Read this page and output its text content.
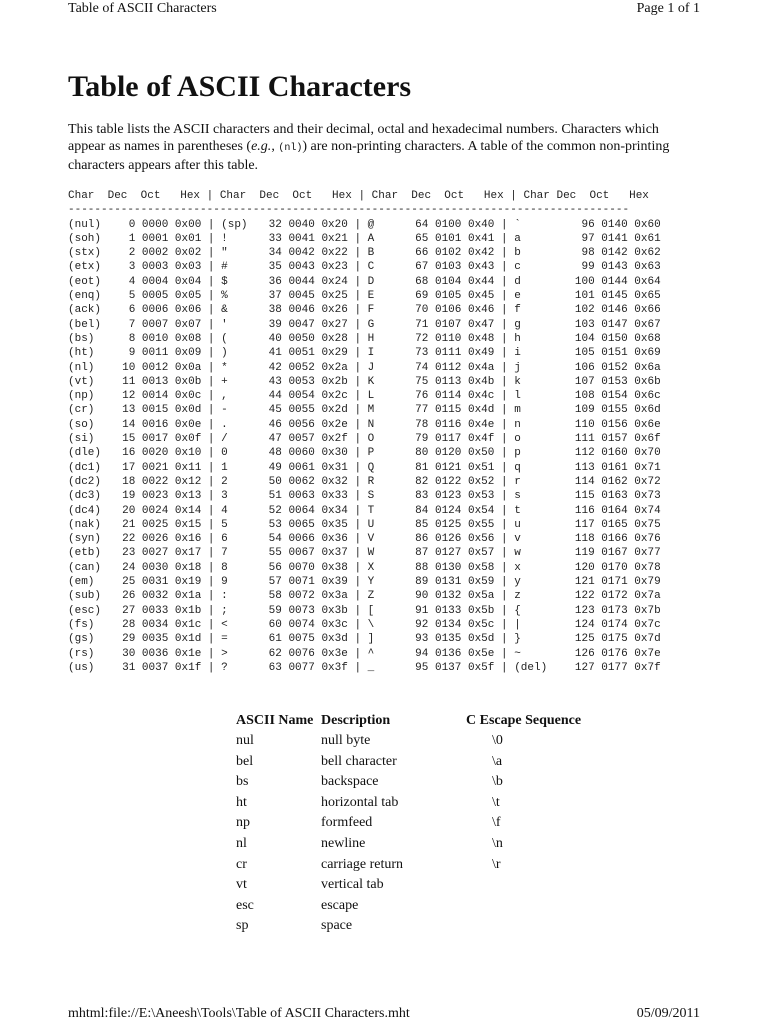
Table of ASCII Characters	Page 1 of 1
Table of ASCII Characters

This table lists the ASCII characters and their decimal, octal and hexadecimal numbers. Characters which appear as names in parentheses (e.g., (nl)) are non-printing characters. A table of the common non-printing characters appears after this table.

Char  Dec  Oct   Hex | Char  Dec  Oct   Hex | Char  Dec  Oct   Hex | Char Dec  Oct   Hex
-------------------------------------------------------------------------------------
(nul)	0 0000 0x00 | (sp) 32 0040 0x20 | @	64 0100 0x40 | `	96 0140 0x60
(soh)	1 0001 0x01 | !	33 0041 0x21 | A	65 0101 0x41 | a	97 0141 0x61
(stx)	2 0002 0x02 | "	34 0042 0x22 | B	66 0102 0x42 | b	98 0142 0x62
(etx)	3 0003 0x03 | #	35 0043 0x23 | C	67 0103 0x43 | c	99 0143 0x63
(eot)	4 0004 0x04 | $	36 0044 0x24 | D	68 0104 0x44 | d	100 0144 0x64
(enq)	5 0005 0x05 | %	37 0045 0x25 | E	69 0105 0x45 | e	101 0145 0x65
(ack)	6 0006 0x06 | &	38 0046 0x26 | F	70 0106 0x46 | f	102 0146 0x66
(bel)	7 0007 0x07 | '	39 0047 0x27 | G	71 0107 0x47 | g	103 0147 0x67
(bs)	8 0010 0x08 | (	40 0050 0x28 | H	72 0110 0x48 | h	104 0150 0x68
(ht)	9 0011 0x09 | )	41 0051 0x29 | I	73 0111 0x49 | i	105 0151 0x69
(nl)	10 0012 0x0a | *	42 0052 0x2a | J	74 0112 0x4a | j	106 0152 0x6a
(vt)	11 0013 0x0b | +	43 0053 0x2b | K	75 0113 0x4b | k	107 0153 0x6b
(np)	12 0014 0x0c | ,	44 0054 0x2c | L	76 0114 0x4c | l	108 0154 0x6c
(cr)	13 0015 0x0d | -	45 0055 0x2d | M	77 0115 0x4d | m	109 0155 0x6d
(so)	14 0016 0x0e | .	46 0056 0x2e | N	78 0116 0x4e | n	110 0156 0x6e
(si)	15 0017 0x0f | /	47 0057 0x2f | O	79 0117 0x4f | o	111 0157 0x6f
(dle) 16 0020 0x10 | 0	48 0060 0x30 | P	80 0120 0x50 | p	112 0160 0x70
(dc1) 17 0021 0x11 | 1	49 0061 0x31 | Q	81 0121 0x51 | q	113 0161 0x71
(dc2) 18 0022 0x12 | 2	50 0062 0x32 | R	82 0122 0x52 | r	114 0162 0x72
(dc3) 19 0023 0x13 | 3	51 0063 0x33 | S	83 0123 0x53 | s	115 0163 0x73
(dc4) 20 0024 0x14 | 4	52 0064 0x34 | T	84 0124 0x54 | t	116 0164 0x74
(nak) 21 0025 0x15 | 5	53 0065 0x35 | U	85 0125 0x55 | u	117 0165 0x75
(syn) 22 0026 0x16 | 6	54 0066 0x36 | V	86 0126 0x56 | v	118 0166 0x76
(etb) 23 0027 0x17 | 7	55 0067 0x37 | W	87 0127 0x57 | w	119 0167 0x77
(can) 24 0030 0x18 | 8	56 0070 0x38 | X	88 0130 0x58 | x	120 0170 0x78
(em)	25 0031 0x19 | 9	57 0071 0x39 | Y	89 0131 0x59 | y	121 0171 0x79
(sub) 26 0032 0x1a | :	58 0072 0x3a | Z	90 0132 0x5a | z	122 0172 0x7a
(esc) 27 0033 0x1b | ;	59 0073 0x3b | [	91 0133 0x5b | {	123 0173 0x7b
(fs)	28 0034 0x1c | <	60 0074 0x3c | \	92 0134 0x5c | |	124 0174 0x7c
(gs)	29 0035 0x1d | =	61 0075 0x3d | ]	93 0135 0x5d | }	125 0175 0x7d
(rs)	30 0036 0x1e | >	62 0076 0x3e | ^	94 0136 0x5e | ~	126 0176 0x7e
(us)	31 0037 0x1f | ?	63 0077 0x3f | _	95 0137 0x5f | (del)	127 0177 0x7f
ASCII Name	Description	C Escape Sequence
nul	null byte	\0
bel	bell character	\a
bs	backspace	\b
ht	horizontal tab	\t
np	formfeed	\f
nl	newline	\n
cr	carriage return	\r
vt	vertical tab	
esc	escape	
sp	space	
mhtml:file://E:\Aneesh\Tools\Table of ASCII Characters.mht	05/09/2011
